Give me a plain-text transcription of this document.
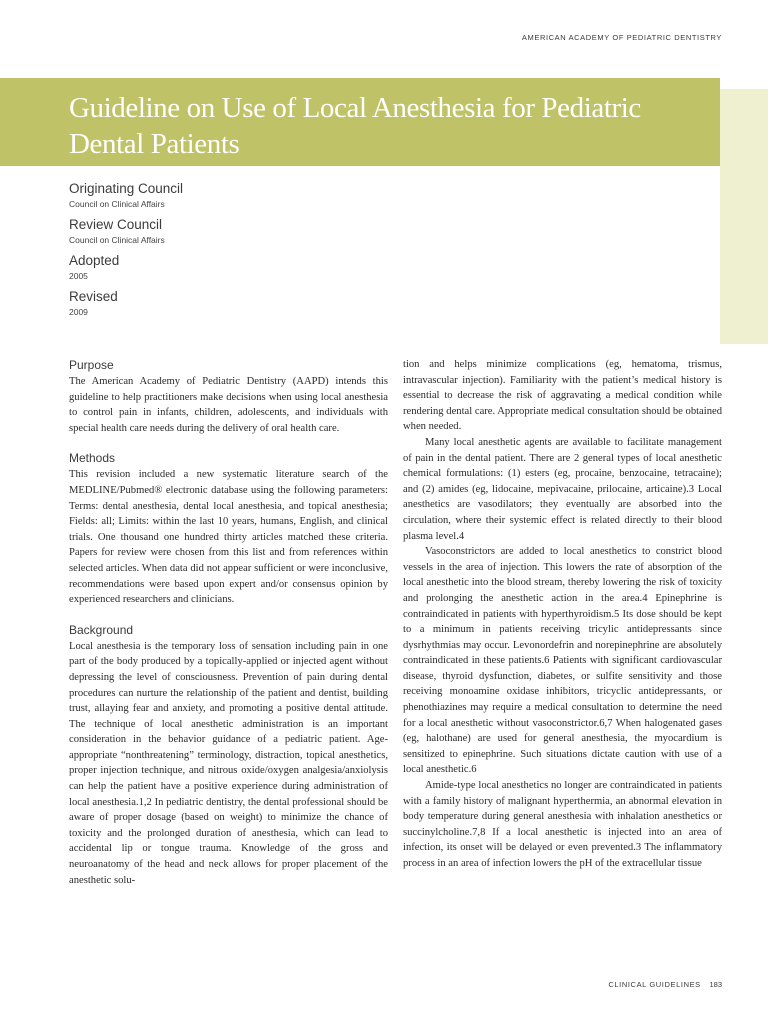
AMERICAN ACADEMY OF PEDIATRIC DENTISTRY
Guideline on Use of Local Anesthesia for Pediatric Dental Patients
Originating Council
Council on Clinical Affairs
Review Council
Council on Clinical Affairs
Adopted
2005
Revised
2009
Purpose

The American Academy of Pediatric Dentistry (AAPD) intends this guideline to help practitioners make decisions when using local anesthesia to control pain in infants, children, adolescents, and individuals with special health care needs during the delivery of oral health care.

Methods

This revision included a new systematic literature search of the MEDLINE/Pubmed® electronic database using the following parameters: Terms: dental anesthesia, dental local anesthesia, and topical anesthesia; Fields: all; Limits: within the last 10 years, humans, English, and clinical trials. One thousand one hundred thirty articles matched these criteria. Papers for review were chosen from this list and from references within selected articles. When data did not appear sufficient or were inconclusive, recommendations were based upon expert and/or consensus opinion by experienced researchers and clinicians.

Background

Local anesthesia is the temporary loss of sensation including pain in one part of the body produced by a topically-applied or injected agent without depressing the level of consciousness. Prevention of pain during dental procedures can nurture the relationship of the patient and dentist, building trust, allaying fear and anxiety, and promoting a positive dental attitude. The technique of local anesthetic administration is an important consideration in the behavior guidance of a pediatric patient. Age-appropriate “nonthreatening” terminology, distraction, topical anesthetics, proper injection technique, and nitrous oxide/oxygen analgesia/anxiolysis can help the patient have a positive experience during administration of local anesthesia.1,2 In pediatric dentistry, the dental professional should be aware of proper dosage (based on weight) to minimize the chance of toxicity and the prolonged duration of anesthesia, which can lead to accidental lip or tongue trauma. Knowledge of the gross and neuroanatomy of the head and neck allows for proper placement of the anesthetic solu-

tion and helps minimize complications (eg, hematoma, trismus, intravascular injection). Familiarity with the patient’s medical history is essential to decrease the risk of aggravating a medical condition while rendering dental care. Appropriate medical consultation should be obtained when needed.

Many local anesthetic agents are available to facilitate management of pain in the dental patient. There are 2 general types of local anesthetic chemical formulations: (1) esters (eg, procaine, benzocaine, tetracaine); and (2) amides (eg, lidocaine, mepivacaine, prilocaine, articaine).3 Local anesthetics are vasodilators; they eventually are absorbed into the circulation, where their systemic effect is related directly to their blood plasma level.4

Vasoconstrictors are added to local anesthetics to constrict blood vessels in the area of injection. This lowers the rate of absorption of the local anesthetic into the blood stream, thereby lowering the risk of toxicity and prolonging the anesthetic action in the area.4 Epinephrine is contraindicated in patients with hyperthyroidism.5 Its dose should be kept to a minimum in patients receiving tricylic antidepressants since dysrhythmias may occur. Levonordefrin and norepinephrine are absolutely contraindicated in these patients.6 Patients with significant cardiovascular disease, thyroid dysfunction, diabetes, or sulfite sensitivity and those receiving monoamine oxidase inhibitors, tricyclic antidepressants, or phenothiazines may require a medical consultation to determine the need for a local anesthetic without vasoconstrictor.6,7 When halogenated gases (eg, halothane) are used for general anesthesia, the myocardium is sensitized to epinephrine. Such situations dictate caution with use of a local anesthetic.6

Amide-type local anesthetics no longer are contraindicated in patients with a family history of malignant hyperthermia, an abnormal elevation in body temperature during general anesthesia with inhalation anesthetics or succinylcholine.7,8 If a local anesthetic is injected into an area of infection, its onset will be delayed or even prevented.3 The inflammatory process in an area of infection lowers the pH of the extracellular tissue

CLINICAL GUIDELINES 183
